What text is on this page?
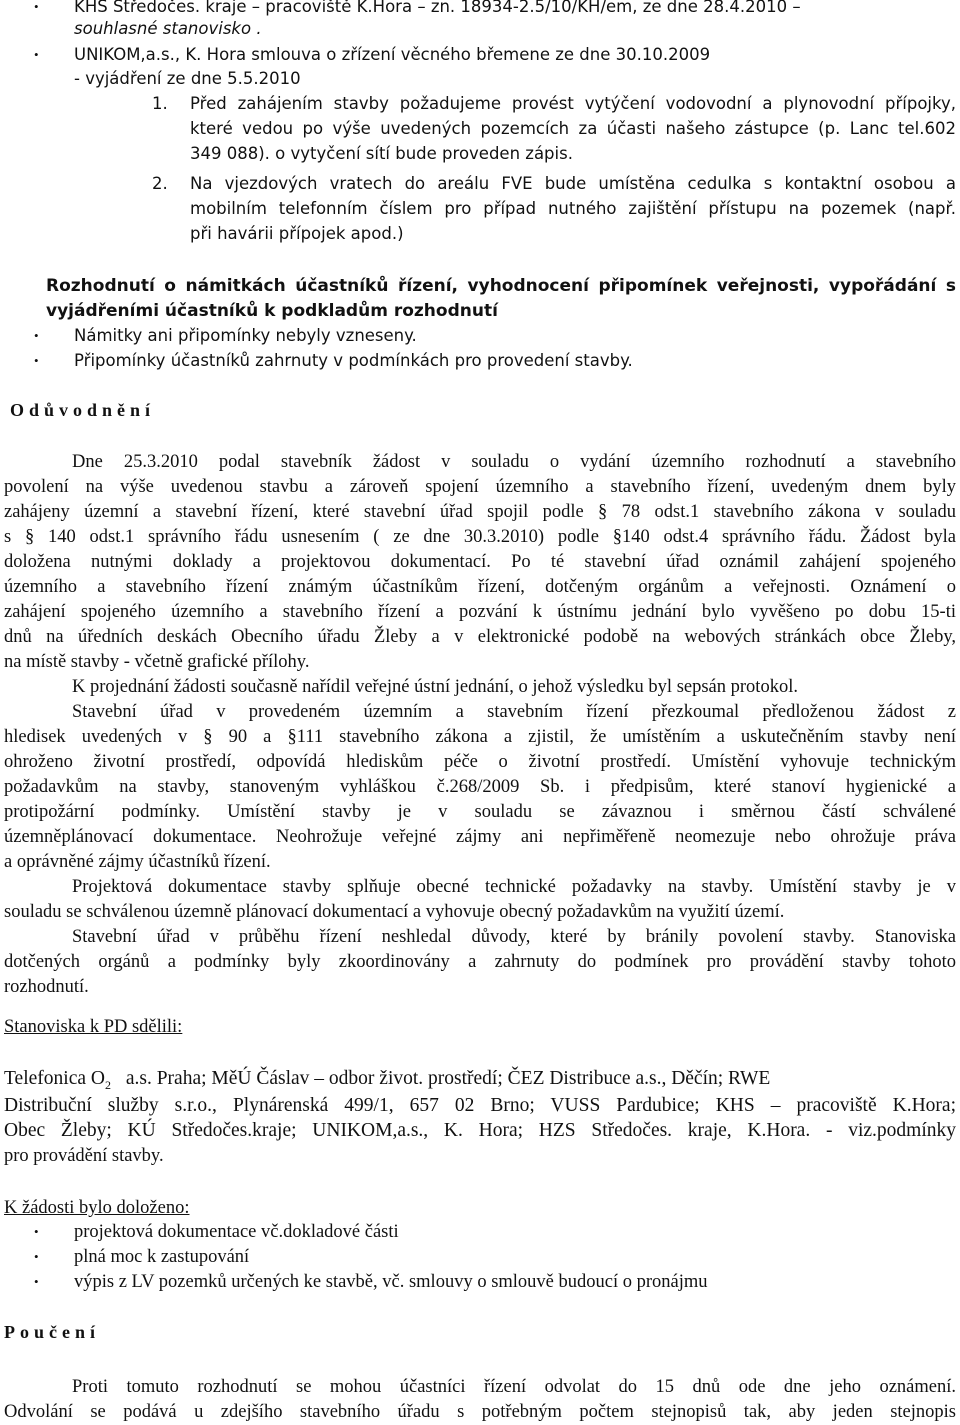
• KHS Středočes. kraje – pracoviště K.Hora – zn. 18934-2.5/10/KH/em, ze dne 28.4.2010 –
souhlasné stanovisko .
• UNIKOM,a.s., K. Hora smlouva o zřízení věcného břemene ze dne 30.10.2009
- vyjádření ze dne 5.5.2010
1. Před zahájením stavby požadujeme provést vytýčení vodovodní a plynovodní přípojky,
které vedou po výše uvedených pozemcích za účasti našeho zástupce (p. Lanc tel.602
349 088). o vytyčení sítí bude proveden zápis.
2. Na vjezdových vratech do areálu FVE bude umístěna cedulka s kontaktní osobou a
mobilním telefonním číslem pro případ nutného zajištění přístupu na pozemek (např.
při havárii přípojek apod.)
Rozhodnutí o námitkách účastníků řízení, vyhodnocení připomínek veřejnosti, vypořádání s
vyjádřeními účastníků k podkladům rozhodnutí
• Námitky ani připomínky nebyly vzneseny.
• Připomínky účastníků zahrnuty v podmínkách pro provedení stavby.
Odůvodnění
Dne 25.3.2010 podal stavebník žádost v souladu o vydání územního rozhodnutí a stavebního
povolení na výše uvedenou stavbu a zároveň spojení územního a stavebního řízení, uvedeným dnem byly
zahájeny územní a stavební řízení, které stavební úřad spojil podle § 78 odst.1 stavebního zákona v souladu
s § 140 odst.1 správního řádu usnesením ( ze dne 30.3.2010) podle §140 odst.4 správního řádu. Žádost byla
doložena nutnými doklady a projektovou dokumentací. Po té stavební úřad oznámil zahájení spojeného
územního a stavebního řízení známým účastníkům řízení, dotčeným orgánům a veřejnosti. Oznámení o
zahájení spojeného územního a stavebního řízení a pozvání k ústnímu jednání bylo vyvěšeno po dobu 15-ti
dnů na úředních deskách Obecního úřadu Žleby a v elektronické podobě na webových stránkách obce Žleby,
na místě stavby - včetně grafické přílohy.
K projednání žádosti současně nařídil veřejné ústní jednání, o jehož výsledku byl sepsán protokol.
Stavební úřad v provedeném územním a stavebním řízení přezkoumal předloženou žádost z
hledisek uvedených v § 90 a §111 stavebního zákona a zjistil, že umístěním a uskutečněním stavby není
ohroženo životní prostředí, odpovídá hlediskům péče o životní prostředí. Umístění vyhovuje technickým
požadavkům na stavby, stanoveným vyhláškou č.268/2009 Sb. i předpisům, které stanoví hygienické a
protipožární podmínky. Umístění stavby je v souladu se závaznou i směrnou částí schválené
územněplánovací dokumentace. Neohrožuje veřejné zájmy ani nepřiměřeně neomezuje nebo ohrožuje práva
a oprávněné zájmy účastníků řízení.
Projektová dokumentace stavby splňuje obecné technické požadavky na stavby. Umístění stavby je v
souladu se schválenou územně plánovací dokumentací a vyhovuje obecný požadavkům na využití území.
Stavební úřad v průběhu řízení neshledal důvody, které by bránily povolení stavby. Stanoviska
dotčených orgánů a podmínky byly zkoordinovány a zahrnuty do podmínek pro provádění stavby tohoto
rozhodnutí.
Stanoviska k PD sdělili:
Telefonica $O_2$ a.s. Praha; MěÚ Čáslav – odbor život. prostředí; ČEZ Distribuce a.s., Děčín; RWE
Distribuční služby s.r.o., Plynárenská 499/1, 657 02 Brno; VUSS Pardubice; KHS – pracoviště K.Hora;
Obec Žleby; KÚ Středočes.kraje; UNIKOM,a.s., K. Hora; HZS Středočes. kraje, K.Hora. - viz.podmínky
pro provádění stavby.
K žádosti bylo doloženo:
• projektová dokumentace vč.dokladové části
• plná moc k zastupování
• výpis z LV pozemků určených ke stavbě, vč. smlouvy o smlouvě budoucí o pronájmu
Poučení
Proti tomuto rozhodnutí se mohou účastníci řízení odvolat do 15 dnů ode dne jeho oznámení.
Odvolání se podává u zdejšího stavebního úřadu s potřebným počtem stejnopisů tak, aby jeden stejnopis
